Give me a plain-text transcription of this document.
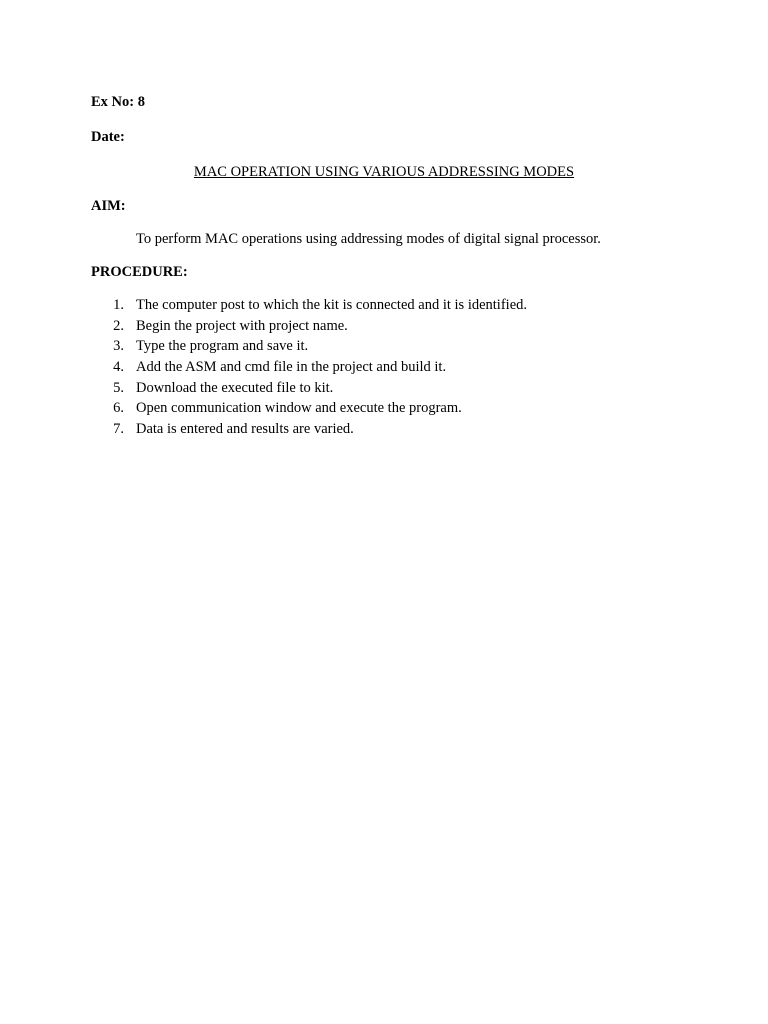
Ex No: 8

Date:

MAC OPERATION USING VARIOUS ADDRESSING MODES

AIM:

To perform MAC operations using addressing modes of digital signal processor.

PROCEDURE:

1. The computer post to which the kit is connected and it is identified.
2. Begin the project with project name.
3. Type the program and save it.
4. Add the ASM and cmd file in the project and build it.
5. Download the executed file to kit.
6. Open communication window and execute the program.
7. Data is entered and results are varied.
